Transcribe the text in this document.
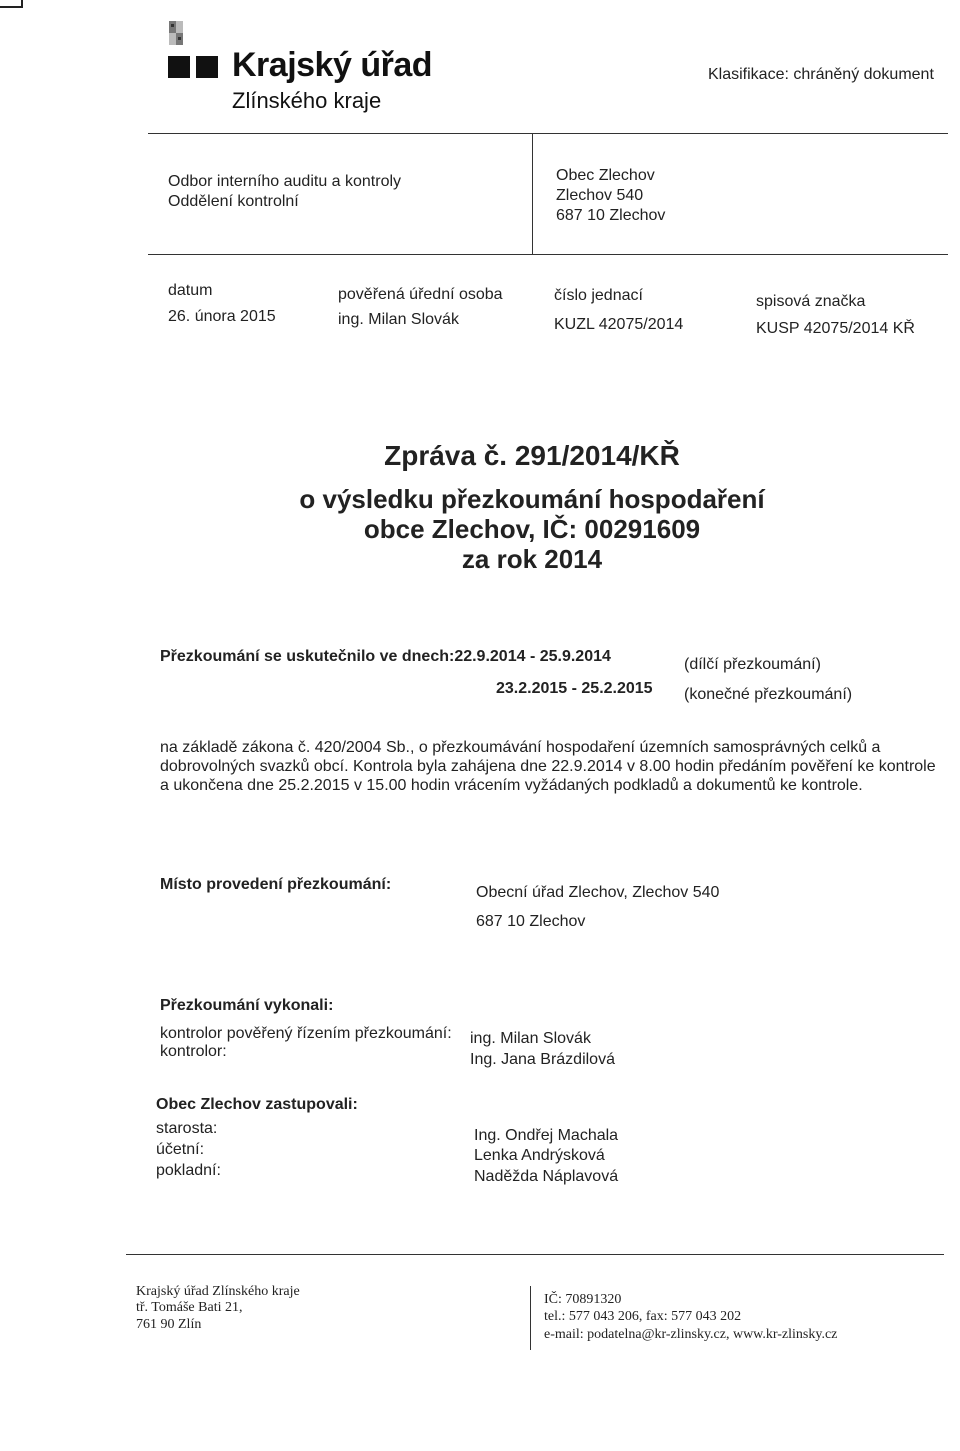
Krajský úřad
Zlínského kraje
Klasifikace: chráněný dokument
Odbor interního auditu a kontroly
Oddělení kontrolní
Obec Zlechov
Zlechov 540
687 10 Zlechov
datum
26. února 2015
pověřená úřední osoba
ing. Milan Slovák
číslo jednací
KUZL 42075/2014
spisová značka
KUSP 42075/2014 KŘ
Zpráva č. 291/2014/KŘ
o výsledku přezkoumání hospodaření
obce Zlechov, IČ: 00291609
za rok 2014
Přezkoumání se uskutečnilo ve dnech:22.9.2014 - 25.9.2014
23.2.2015 - 25.2.2015
(dílčí přezkoumání)
(konečné přezkoumání)
na základě zákona č. 420/2004 Sb., o přezkoumávání hospodaření územních samosprávných celků a dobrovolných svazků obcí. Kontrola byla zahájena dne 22.9.2014 v 8.00 hodin předáním pověření ke kontrole a ukončena dne 25.2.2015 v 15.00 hodin vrácením vyžádaných podkladů a dokumentů ke kontrole.
Místo provedení přezkoumání:	Obecní úřad Zlechov, Zlechov 540
687 10 Zlechov
Přezkoumání vykonali:
kontrolor pověřený řízením přezkoumání: ing. Milan Slovák
kontrolor:	Ing. Jana Brázdilová
Obec Zlechov zastupovali:
starosta:
účetní:
pokladní:
Ing. Ondřej Machala
Lenka Andrýsková
Naděžda Náplavová
Krajský úřad Zlínského kraje
tř. Tomáše Bati 21,
761 90 Zlín
IČ: 70891320
tel.: 577 043 206, fax: 577 043 202
e-mail: podatelna@kr-zlinsky.cz, www.kr-zlinsky.cz
